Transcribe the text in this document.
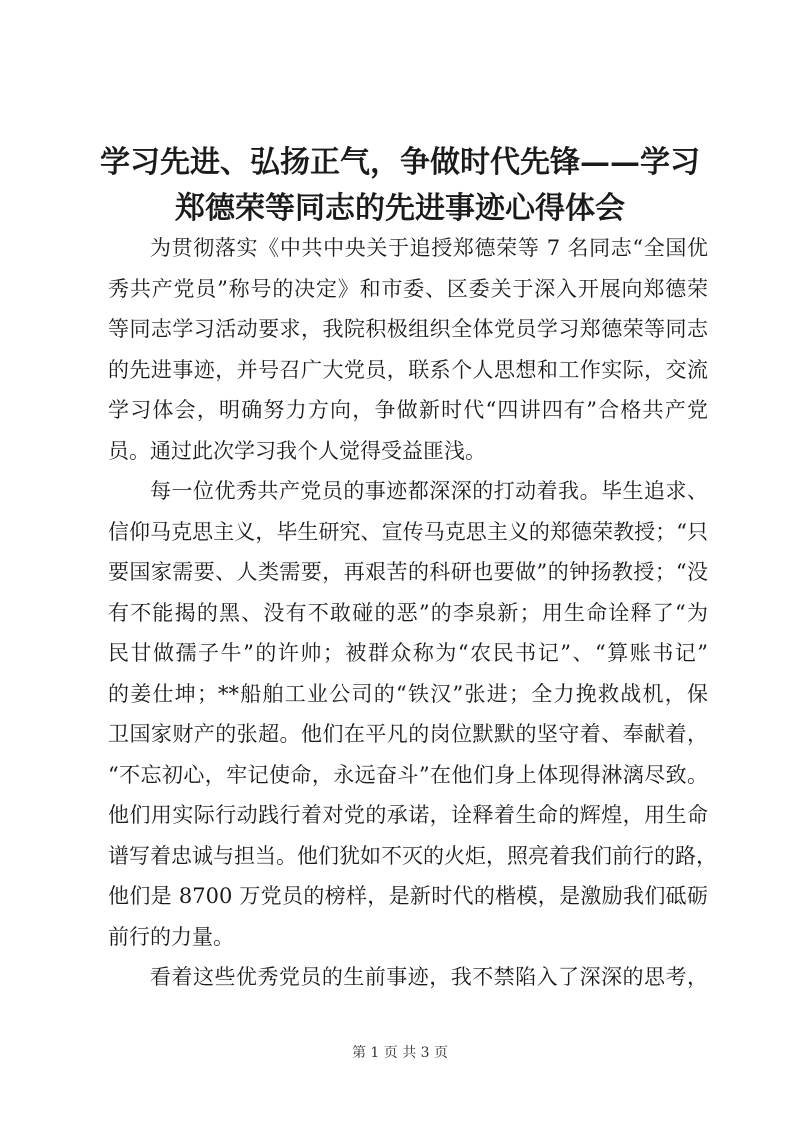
学习先进、弘扬正气，争做时代先锋——学习
郑德荣等同志的先进事迹心得体会
为贯彻落实《中共中央关于追授郑德荣等 7 名同志“全国优
秀共产党员”称号的决定》和市委、区委关于深入开展向郑德荣
等同志学习活动要求，我院积极组织全体党员学习郑德荣等同志
的先进事迹，并号召广大党员，联系个人思想和工作实际，交流
学习体会，明确努力方向，争做新时代“四讲四有”合格共产党
员。通过此次学习我个人觉得受益匪浅。
每一位优秀共产党员的事迹都深深的打动着我。毕生追求、
信仰马克思主义，毕生研究、宣传马克思主义的郑德荣教授；“只
要国家需要、人类需要，再艰苦的科研也要做”的钟扬教授；“没
有不能揭的黑、没有不敢碰的恶”的李泉新；用生命诠释了“为
民甘做孺子牛”的许帅；被群众称为“农民书记”、“算账书记”
的姜仕坤；**船舶工业公司的“铁汉”张进；全力挽救战机，保
卫国家财产的张超。他们在平凡的岗位默默的坚守着、奉献着，
“不忘初心，牢记使命，永远奋斗”在他们身上体现得淋漓尽致。
他们用实际行动践行着对党的承诺，诠释着生命的辉煌，用生命
谱写着忠诚与担当。他们犹如不灭的火炬，照亮着我们前行的路，
他们是 8700 万党员的榜样，是新时代的楷模，是激励我们砥砺
前行的力量。
看着这些优秀党员的生前事迹，我不禁陷入了深深的思考，
第 1 页 共 3 页
